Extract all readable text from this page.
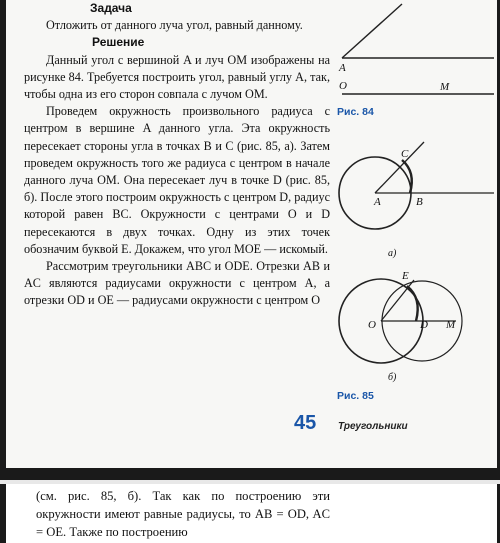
Задача

Отложить от данного луча угол, равный данному.

Решение

Данный угол с вершиной A и луч OM изображены на рисунке 84. Требуется построить угол, равный углу A, так, чтобы одна из его сторон совпала с лучом OM.

Проведем окружность произвольного радиуса с центром в вершине A данного угла. Эта окружность пересекает стороны угла в точках B и C (рис. 85, а). Затем проведем окружность того же радиуса с центром в начале данного луча OM. Она пересекает луч в точке D (рис. 85, б). После этого построим окружность с центром D, радиус которой равен BC. Окружности с центрами O и D пересекаются в двух точках. Одну из этих точек обозначим буквой E. Докажем, что угол MOE — искомый.

Рассмотрим треугольники ABC и ODE. Отрезки AB и AC являются радиусами окружности с центром A, а отрезки OD и OE — радиусами окружности с центром O

A
O	M
Рис. 84
A	B
C
а)
O	D
E
M
б)
Рис. 85
45 Треугольники

(см. рис. 85, б). Так как по построению эти окружности имеют равные радиусы, то AB = OD, AC = OE. Также по построению
